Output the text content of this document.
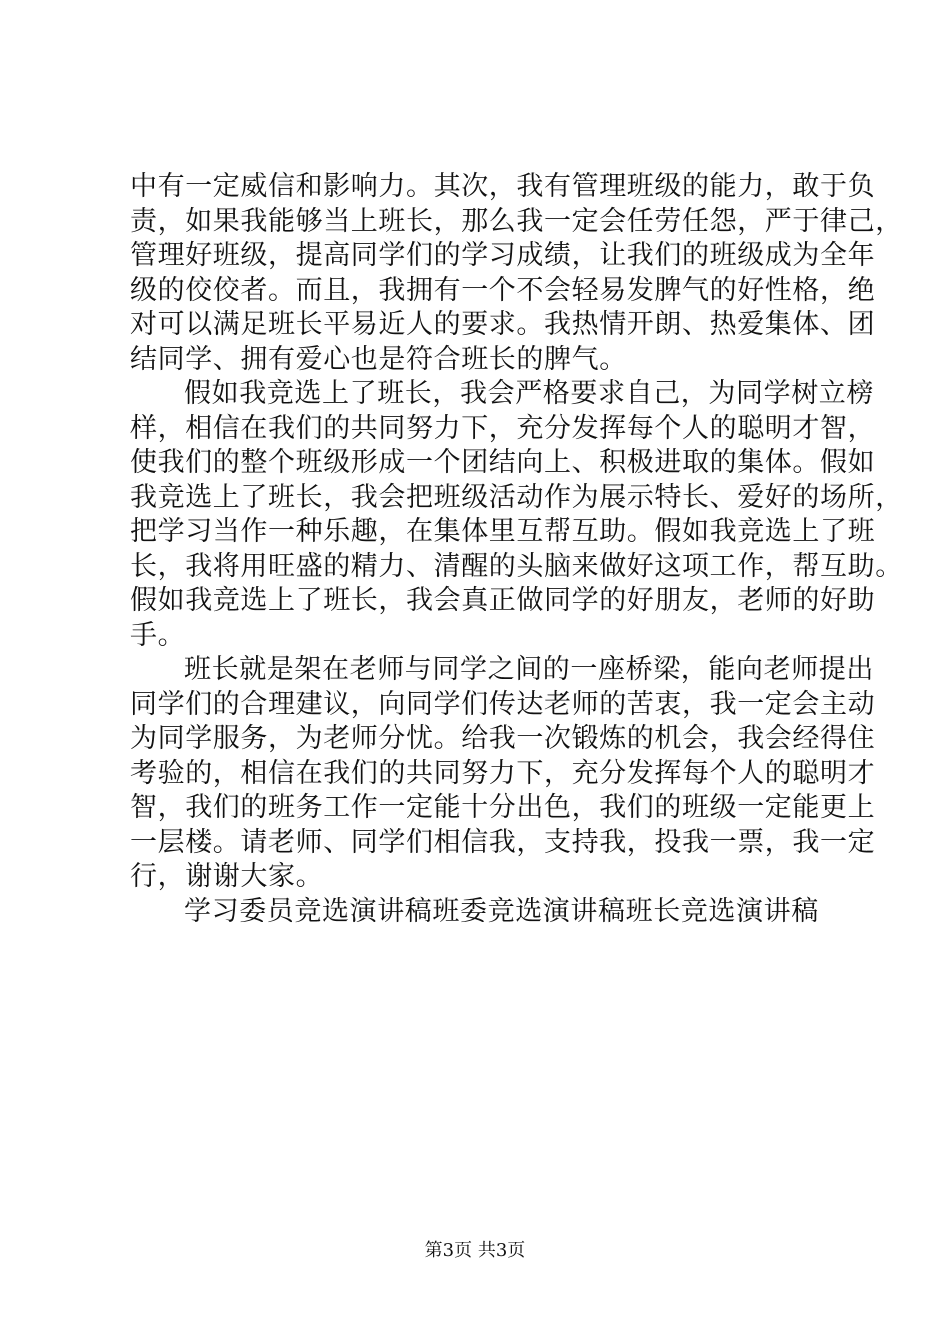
中有一定威信和影响力。其次，我有管理班级的能力，敢于负
责，如果我能够当上班长，那么我一定会任劳任怨，严于律己，
管理好班级，提高同学们的学习成绩，让我们的班级成为全年
级的佼佼者。而且，我拥有一个不会轻易发脾气的好性格，绝
对可以满足班长平易近人的要求。我热情开朗、热爱集体、团
结同学、拥有爱心也是符合班长的脾气。
假如我竞选上了班长，我会严格要求自己，为同学树立榜
样，相信在我们的共同努力下，充分发挥每个人的聪明才智，
使我们的整个班级形成一个团结向上、积极进取的集体。假如
我竞选上了班长，我会把班级活动作为展示特长、爱好的场所，
把学习当作一种乐趣，在集体里互帮互助。假如我竞选上了班
长，我将用旺盛的精力、清醒的头脑来做好这项工作，帮互助。
假如我竞选上了班长，我会真正做同学的好朋友，老师的好助
手。
班长就是架在老师与同学之间的一座桥梁，能向老师提出
同学们的合理建议，向同学们传达老师的苦衷，我一定会主动
为同学服务，为老师分忧。给我一次锻炼的机会，我会经得住
考验的，相信在我们的共同努力下，充分发挥每个人的聪明才
智，我们的班务工作一定能十分出色，我们的班级一定能更上
一层楼。请老师、同学们相信我，支持我，投我一票，我一定
行，谢谢大家。
学习委员竞选演讲稿班委竞选演讲稿班长竞选演讲稿
第3页 共3页
